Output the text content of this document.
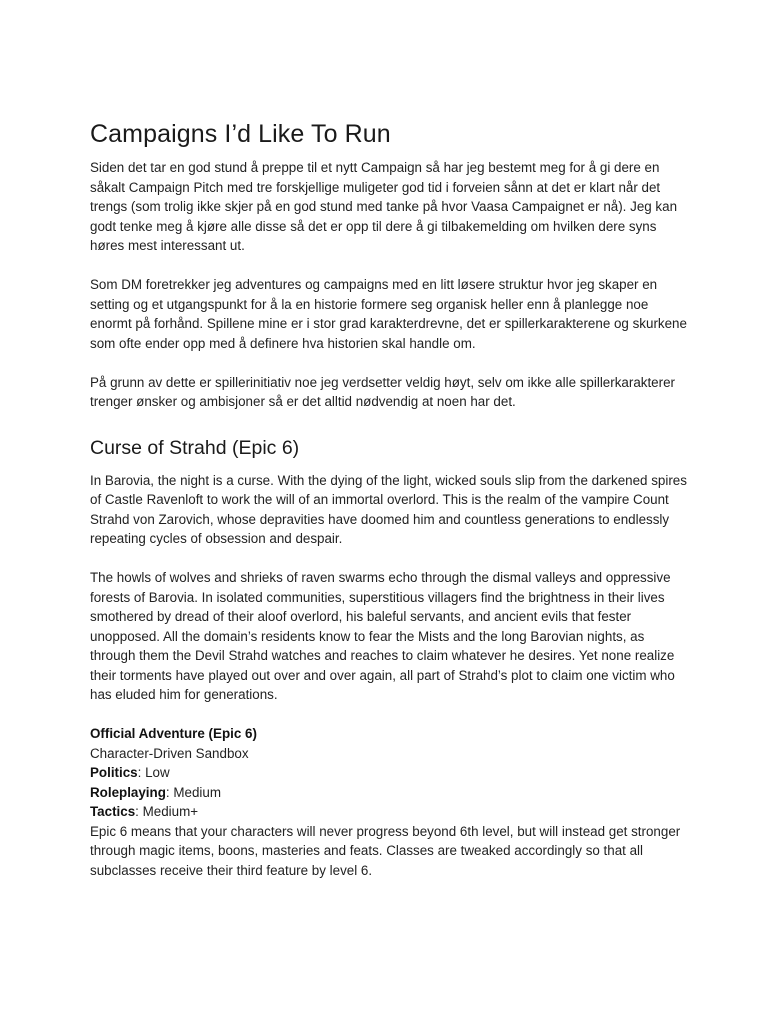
Campaigns I’d Like To Run

Siden det tar en god stund å preppe til et nytt Campaign så har jeg bestemt meg for å gi dere en såkalt Campaign Pitch med tre forskjellige muligeter god tid i forveien sånn at det er klart når det trengs (som trolig ikke skjer på en god stund med tanke på hvor Vaasa Campaignet er nå). Jeg kan godt tenke meg å kjøre alle disse så det er opp til dere å gi tilbakemelding om hvilken dere syns høres mest interessant ut.

Som DM foretrekker jeg adventures og campaigns med en litt løsere struktur hvor jeg skaper en setting og et utgangspunkt for å la en historie formere seg organisk heller enn å planlegge noe enormt på forhånd. Spillene mine er i stor grad karakterdrevne, det er spillerkarakterene og skurkene som ofte ender opp med å definere hva historien skal handle om.

På grunn av dette er spillerinitiativ noe jeg verdsetter veldig høyt, selv om ikke alle spillerkarakterer trenger ønsker og ambisjoner så er det alltid nødvendig at noen har det.

Curse of Strahd (Epic 6)

In Barovia, the night is a curse. With the dying of the light, wicked souls slip from the darkened spires of Castle Ravenloft to work the will of an immortal overlord. This is the realm of the vampire Count Strahd von Zarovich, whose depravities have doomed him and countless generations to endlessly repeating cycles of obsession and despair.

The howls of wolves and shrieks of raven swarms echo through the dismal valleys and oppressive forests of Barovia. In isolated communities, superstitious villagers find the brightness in their lives smothered by dread of their aloof overlord, his baleful servants, and ancient evils that fester unopposed. All the domain’s residents know to fear the Mists and the long Barovian nights, as through them the Devil Strahd watches and reaches to claim whatever he desires. Yet none realize their torments have played out over and over again, all part of Strahd’s plot to claim one victim who has eluded him for generations.

Official Adventure (Epic 6)
Character-Driven Sandbox
Politics: Low
Roleplaying: Medium
Tactics: Medium+
Epic 6 means that your characters will never progress beyond 6th level, but will instead get stronger through magic items, boons, masteries and feats. Classes are tweaked accordingly so that all subclasses receive their third feature by level 6.
